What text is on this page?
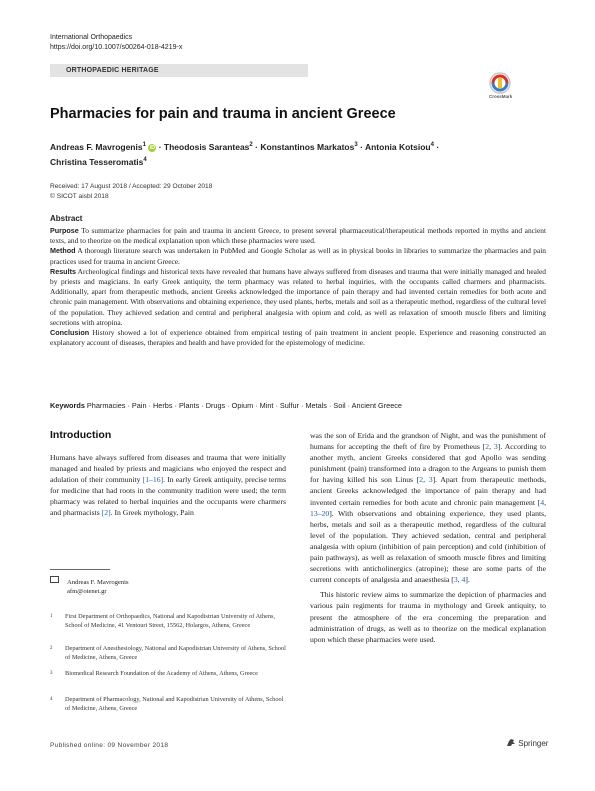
International Orthopaedics
https://doi.org/10.1007/s00264-018-4219-x
ORTHOPAEDIC HERITAGE
CrossMark
Pharmacies for pain and trauma in ancient Greece
Andreas F. Mavrogenis$^1$ iD · Theodosis Saranteas$^2$ · Konstantinos Markatos$^3$ · Antonia Kotsiou$^4$ ·
Christina Tesseromatis$^4$
Received: 17 August 2018 / Accepted: 29 October 2018
© SICOT aisbl 2018
Abstract

Purpose To summarize pharmacies for pain and trauma in ancient Greece, to present several pharmaceutical/therapeutical methods reported in myths and ancient texts, and to theorize on the medical explanation upon which these pharmacies were used.

Method A thorough literature search was undertaken in PubMed and Google Scholar as well as in physical books in libraries to summarize the pharmacies and pain practices used for trauma in ancient Greece.

Results Archeological findings and historical texts have revealed that humans have always suffered from diseases and trauma that were initially managed and healed by priests and magicians. In early Greek antiquity, the term pharmacy was related to herbal inquiries, with the occupants called charmers and pharmacists. Additionally, apart from therapeutic methods, ancient Greeks acknowledged the importance of pain therapy and had invented certain remedies for both acute and chronic pain management. With observations and obtaining experience, they used plants, herbs, metals and soil as a therapeutic method, regardless of the cultural level of the population. They achieved sedation and central and peripheral analgesia with opium and cold, as well as relaxation of smooth muscle fibers and limiting secretions with atropina.

Conclusion History showed a lot of experience obtained from empirical testing of pain treatment in ancient people. Experience and reasoning constructed an explanatory account of diseases, therapies and health and have provided for the epistemology of medicine.

Keywords Pharmacies · Pain · Herbs · Plants · Drugs · Opium · Mint · Sulfur · Metals · Soil · Ancient Greece
Introduction

Humans have always suffered from diseases and trauma that were initially managed and healed by priests and magicians who enjoyed the respect and adulation of their community [1–16]. In early Greek antiquity, precise terms for medicine that had roots in the community tradition were used; the term pharmacy was related to herbal inquiries and the occupants were charmers and pharmacists [2]. In Greek mythology, Pain

was the son of Erida and the grandson of Night, and was the punishment of humans for accepting the theft of fire by Prometheus [2, 3]. According to another myth, ancient Greeks considered that god Apollo was sending punishment (pain) transformed into a dragon to the Argeans to punish them for having killed his son Linus [2, 3]. Apart from therapeutic methods, ancient Greeks acknowledged the importance of pain therapy and had invented certain remedies for both acute and chronic pain management [4, 13–20]. With observations and obtaining experience, they used plants, herbs, metals and soil as a therapeutic method, regardless of the cultural level of the population. They achieved sedation, central and peripheral analgesia with opium (inhibition of pain perception) and cold (inhibition of pain pathways), as well as relaxation of smooth muscle fibres and limiting secretions with anticholinergics (atropine); these are some parts of the current concepts of analgesia and anaesthesia [3, 4].

This historic review aims to summarize the depiction of pharmacies and various pain regiments for trauma in mythology and Greek antiquity, to present the atmosphere of the era concerning the preparation and administration of drugs, as well as to theorize on the medical explanation upon which these pharmacies were used.

Andreas F. Mavrogenis
afm@otenet.gr
1 First Department of Orthopaedics, National and Kapodistrian University of Athens, School of Medicine, 41 Ventouri Street, 15562, Holargos, Athens, Greece
2 Department of Anesthesiology, National and Kapodistrian University of Athens, School of Medicine, Athens, Greece
3 Biomedical Research Foundation of the Academy of Athens, Athens, Greece
4 Department of Pharmacology, National and Kapodistrian University of Athens, School of Medicine, Athens, Greece
Published online: 09 November 2018	Springer
